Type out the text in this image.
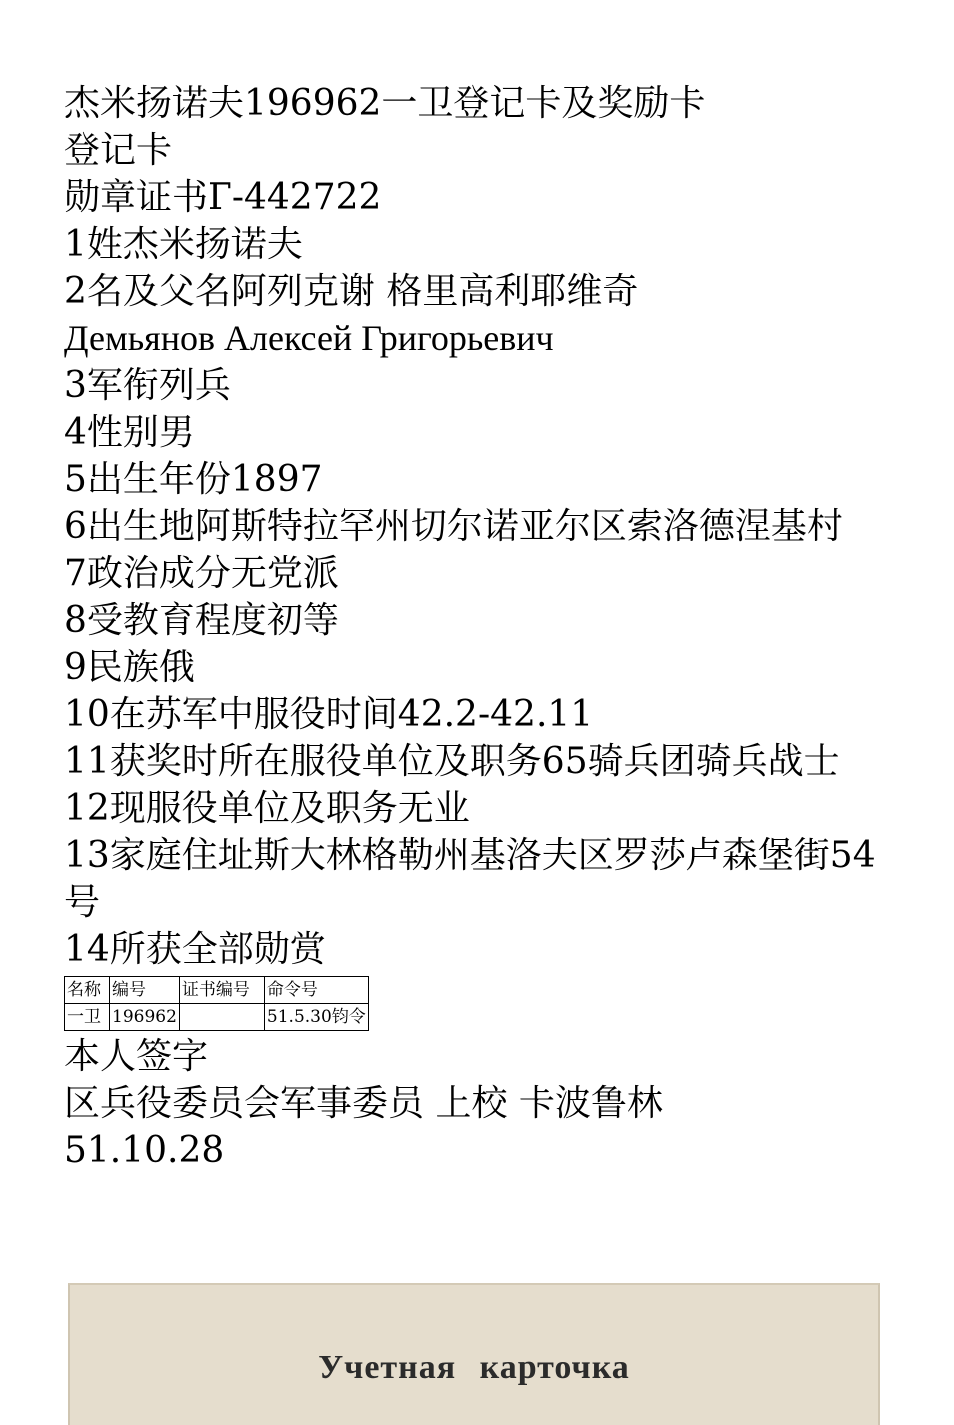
杰米扬诺夫196962一卫登记卡及奖励卡

登记卡

勋章证书Г-442722

1姓杰米扬诺夫

2名及父名阿列克谢 格里高利耶维奇

Демьянов Алексей Григорьевич

3军衔列兵

4性别男

5出生年份1897

6出生地阿斯特拉罕州切尔诺亚尔区索洛德涅基村

7政治成分无党派

8受教育程度初等

9民族俄

10在苏军中服役时间42.2-42.11

11获奖时所在服役单位及职务65骑兵团骑兵战士

12现服役单位及职务无业

13家庭住址斯大林格勒州基洛夫区罗莎卢森堡街54号

14所获全部勋赏

名称	编号	证书编号	命令号
一卫	196962		51.5.30钧令

本人签字

区兵役委员会军事委员 上校 卡波鲁林

51.10.28

Учетная карточка
